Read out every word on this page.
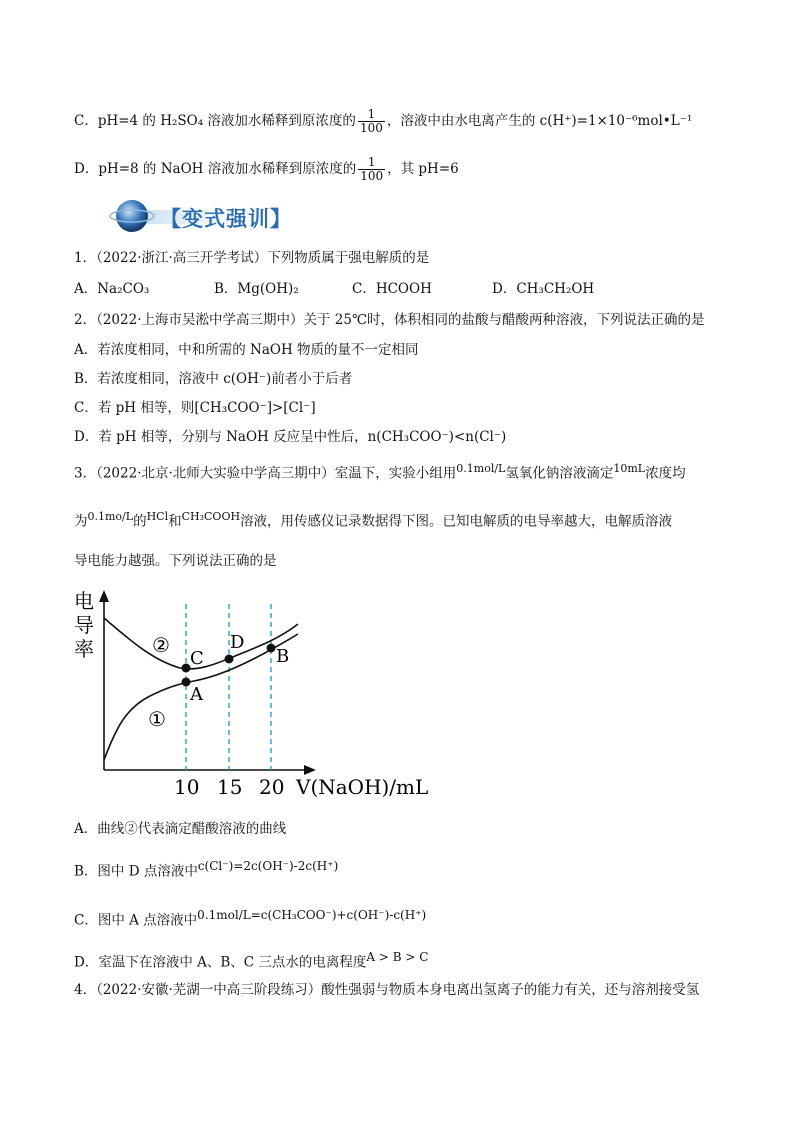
C．pH=4 的 H₂SO₄ 溶液加水稀释到原浓度的 $\frac{1}{100}$ ，溶液中由水电离产生的 c(H⁺)=1×10⁻⁶mol•L⁻¹
D．pH=8 的 NaOH 溶液加水稀释到原浓度的 $\frac{1}{100}$ ，其 pH=6
【变式强训】
1．（2022·浙江·高三开学考试）下列物质属于强电解质的是
A．Na₂CO₃	B．Mg(OH)₂	C．HCOOH	D．CH₃CH₂OH
2．（2022·上海市吴淞中学高三期中）关于 25℃时，体积相同的盐酸与醋酸两种溶液，下列说法正确的是
A．若浓度相同，中和所需的 NaOH 物质的量不一定相同
B．若浓度相同，溶液中 c(OH⁻)前者小于后者
C．若 pH 相等，则[CH₃COO⁻]>[Cl⁻]
D．若 pH 相等，分别与 NaOH 反应呈中性后，n(CH₃COO⁻)<n(Cl⁻)
3．（2022·北京·北师大实验中学高三期中）室温下，实验小组用$^{0.1mol/L}$氢氧化钠溶液滴定$^{10mL}$浓度均
为$^{0.1mo/L}$的$^{HCl}$和$^{CH_3COOH}$溶液，用传感仪记录数据得下图。已知电解质的电导率越大，电解质溶液
导电能力越强。下列说法正确的是
电
导
率	C
D
B
A
②
①
10 15 20 V(NaOH)/mL
A．曲线②代表滴定醋酸溶液的曲线
B．图中 D 点溶液中c(Cl⁻)=2c(OH⁻)-2c(H⁺)
C．图中 A 点溶液中0.1mol/L=c(CH₃COO⁻)+c(OH⁻)-c(H⁺)
D．室温下在溶液中 A、B、C 三点水的电离程度A > B > C
4．（2022·安徽·芜湖一中高三阶段练习）酸性强弱与物质本身电离出氢离子的能力有关，还与溶剂接受氢
